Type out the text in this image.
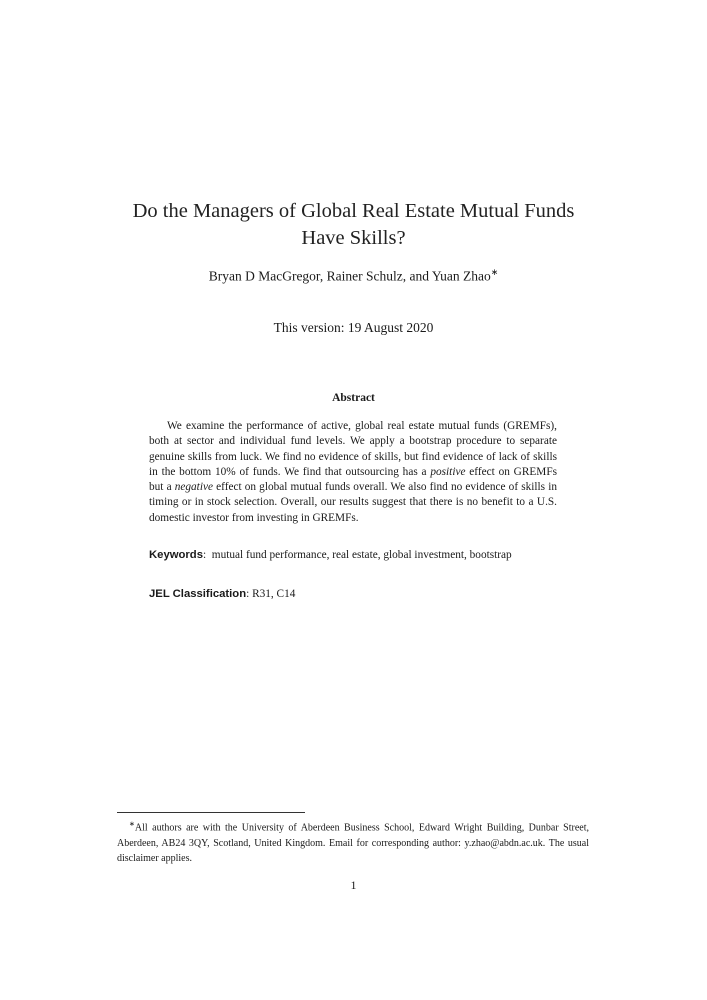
Do the Managers of Global Real Estate Mutual Funds
Have Skills?
Bryan D MacGregor, Rainer Schulz, and Yuan Zhao∗
This version: 19 August 2020
Abstract
We examine the performance of active, global real estate mutual funds (GREMFs), both at sector and individual fund levels. We apply a bootstrap procedure to separate genuine skills from luck. We find no evidence of skills, but find evidence of lack of skills in the bottom 10% of funds. We find that outsourcing has a positive effect on GREMFs but a negative effect on global mutual funds overall. We also find no evidence of skills in timing or in stock selection. Overall, our results suggest that there is no benefit to a U.S. domestic investor from investing in GREMFs.
Keywords:  mutual fund performance, real estate, global investment, bootstrap
JEL Classification: R31, C14
∗All authors are with the University of Aberdeen Business School, Edward Wright Building, Dunbar Street, Aberdeen, AB24 3QY, Scotland, United Kingdom. Email for corresponding author: y.zhao@abdn.ac.uk. The usual disclaimer applies.
1
